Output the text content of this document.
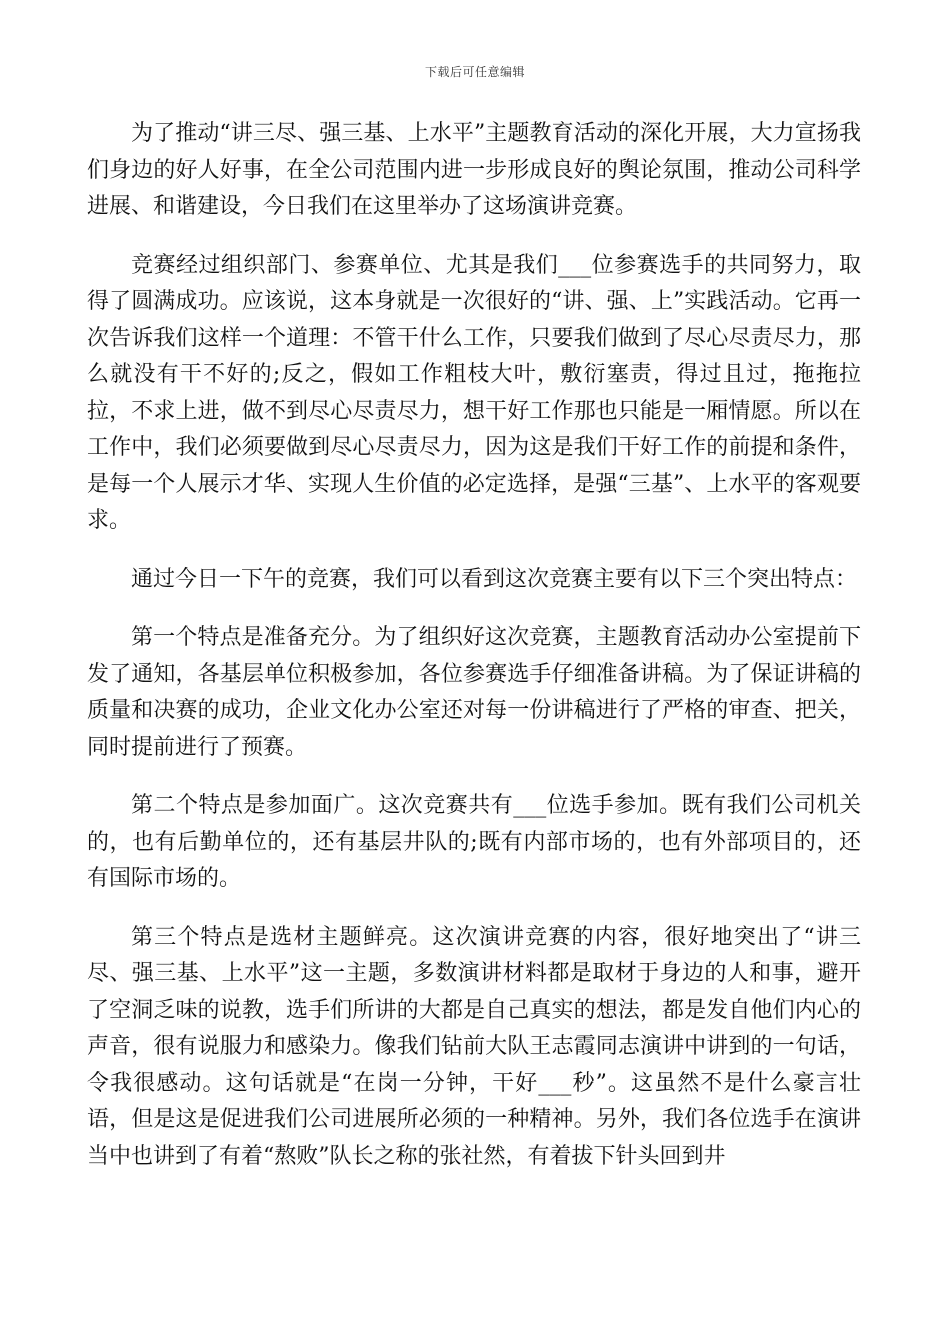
下载后可任意编辑

为了推动“讲三尽、强三基、上水平”主题教育活动的深化开展，大力宣扬我们身边的好人好事，在全公司范围内进一步形成良好的舆论氛围，推动公司科学进展、和谐建设，今日我们在这里举办了这场演讲竞赛。

竞赛经过组织部门、参赛单位、尤其是我们___位参赛选手的共同努力，取得了圆满成功。应该说，这本身就是一次很好的“讲、强、上”实践活动。它再一次告诉我们这样一个道理：不管干什么工作，只要我们做到了尽心尽责尽力，那么就没有干不好的;反之，假如工作粗枝大叶，敷衍塞责，得过且过，拖拖拉拉，不求上进，做不到尽心尽责尽力，想干好工作那也只能是一厢情愿。所以在工作中，我们必须要做到尽心尽责尽力，因为这是我们干好工作的前提和条件，是每一个人展示才华、实现人生价值的必定选择，是强“三基”、上水平的客观要求。

通过今日一下午的竞赛，我们可以看到这次竞赛主要有以下三个突出特点：

第一个特点是准备充分。为了组织好这次竞赛，主题教育活动办公室提前下发了通知，各基层单位积极参加，各位参赛选手仔细准备讲稿。为了保证讲稿的质量和决赛的成功，企业文化办公室还对每一份讲稿进行了严格的审查、把关，同时提前进行了预赛。

第二个特点是参加面广。这次竞赛共有___位选手参加。既有我们公司机关的，也有后勤单位的，还有基层井队的;既有内部市场的，也有外部项目的，还有国际市场的。

第三个特点是选材主题鲜亮。这次演讲竞赛的内容，很好地突出了“讲三尽、强三基、上水平”这一主题，多数演讲材料都是取材于身边的人和事，避开了空洞乏味的说教，选手们所讲的大都是自己真实的想法，都是发自他们内心的声音，很有说服力和感染力。像我们钻前大队王志霞同志演讲中讲到的一句话，令我很感动。这句话就是“在岗一分钟，干好___秒”。这虽然不是什么豪言壮语，但是这是促进我们公司进展所必须的一种精神。另外，我们各位选手在演讲当中也讲到了有着“熬败”队长之称的张社然，有着拔下针头回到井
